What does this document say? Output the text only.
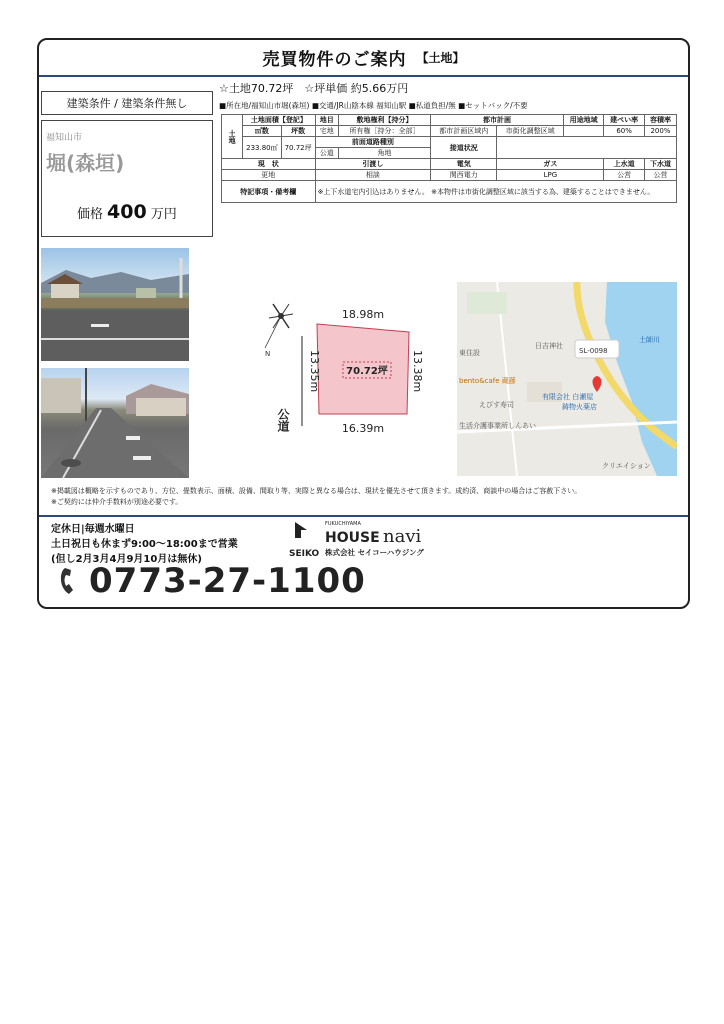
売買物件のご案内 【土地】
建築条件 / 建築条件無し
福知山市
堀(森垣)
価格 400 万円
☆土地70.72坪　☆坪単価 約5.66万円
■所在地/福知山市堀(森垣) ■交通/JR山陰本線 福知山駅 ■私道負担/無 ■セットバック/不要
土地	土地面積【登記】		地目	敷地権利【持分】	都市計画		用途地域	建ぺい率	容積率
	㎡数	坪数	宅地	所有権［持分：全部］	都市計画区域内	市街化調整区域		60%	200%
	233.80㎡	70.72坪	前面道路種別		接道状況				
			公道	角地					
現　状			引渡し		電気	ガス		上水道	下水道
更地			相談		関西電力	LPG		公営	公営
特記事項・備考欄			※上下水道宅内引込はありません。 ※本物件は市街化調整区域に該当する為、建築することはできません。						
N
70.72坪
18.98m
16.39m
13.35m	13.38m
公道
東住設
日吉神社
bento&cafe 蔵藤
えびす寿司
有限会社 白瀬屋
鋳物火薬店
生活介護事業所しんあい
クリエイション
土師川
SL-0098
※掲載図は概略を示すものであり、方位、畳数表示、面積、設備、間取り等、実際と異なる場合は、現状を優先させて頂きます。成約済、商談中の場合はご容赦下さい。
※ご契約には仲介手数料が別途必要です。
定休日|毎週水曜日
土日祝日も休まず9:00～18:00まで営業
(但し2月3月4月9月10月は無休)	SEIKO
FUKUCHIYAMA
HOUSE navi
株式会社 セイコーハウジング
0773-27-1100
